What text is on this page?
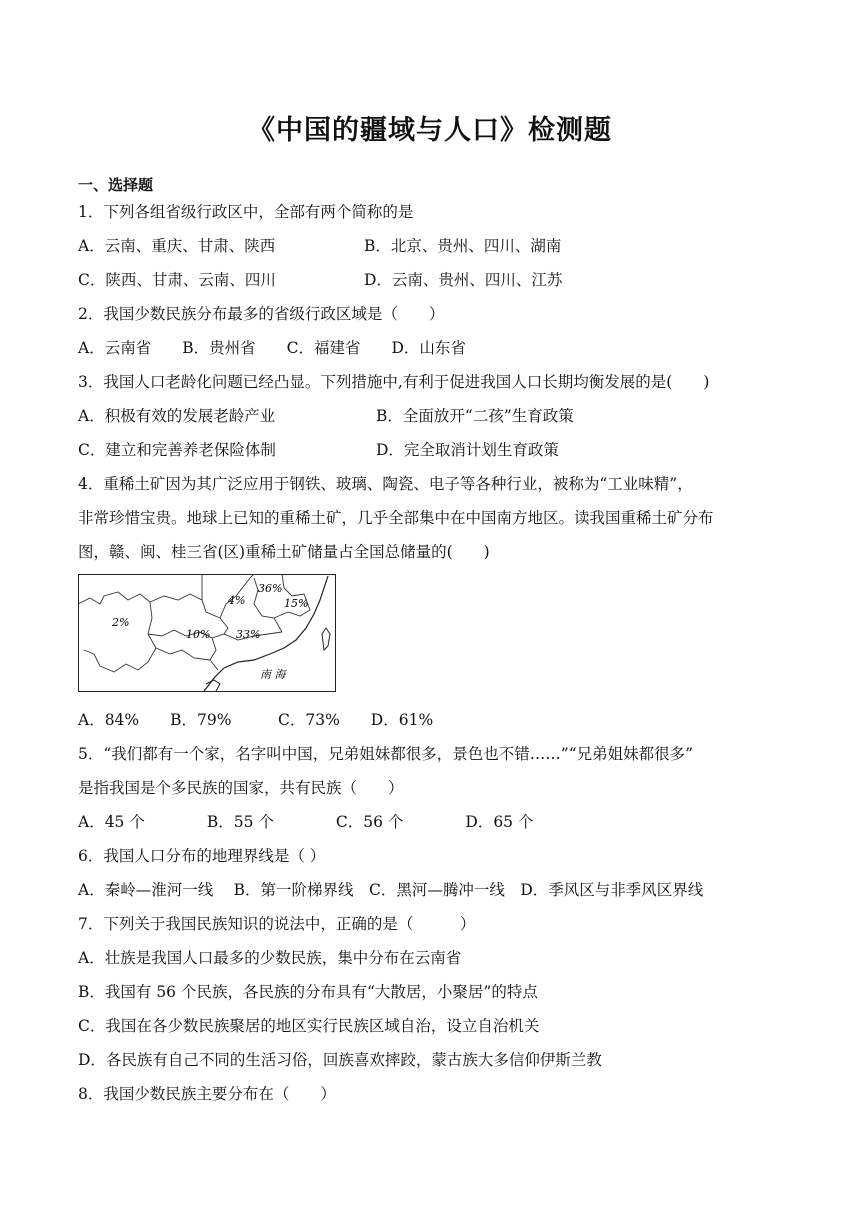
《中国的疆域与人口》检测题
一、选择题
1．下列各组省级行政区中，全部有两个简称的是
A．云南、重庆、甘肃、陕西	B．北京、贵州、四川、湖南
C．陕西、甘肃、云南、四川	D．云南、贵州、四川、江苏
2．我国少数民族分布最多的省级行政区域是（　　）
A．云南省　　B．贵州省　　C．福建省　　D．山东省
3．我国人口老龄化问题已经凸显。下列措施中,有利于促进我国人口长期均衡发展的是(　　)
A．积极有效的发展老龄产业	B．全面放开“二孩”生育政策
C．建立和完善养老保险体制	D．完全取消计划生育政策
4．重稀土矿因为其广泛应用于钢铁、玻璃、陶瓷、电子等各种行业，被称为“工业味精”，
非常珍惜宝贵。地球上已知的重稀土矿，几乎全部集中在中国南方地区。读我国重稀土矿分布
图，赣、闽、桂三省(区)重稀土矿储量占全国总储量的(　　)
4%
36%
15%
2%
10% 33%
南 海
A．84%　　B．79%　　　C．73%　　D．61%
5．“我们都有一个家，名字叫中国，兄弟姐妹都很多，景色也不错……”“兄弟姐妹都很多”
是指我国是个多民族的国家，共有民族（　　）
A．45 个　　　　B．55 个　　　　C．56 个　　　　D．65 个
6．我国人口分布的地理界线是（ ）
A．秦岭—淮河一线　 B．第一阶梯界线　C．黑河—腾冲一线　D．季风区与非季风区界线
7．下列关于我国民族知识的说法中，正确的是（　　　）
A．壮族是我国人口最多的少数民族，集中分布在云南省
B．我国有 56 个民族，各民族的分布具有“大散居，小聚居”的特点
C．我国在各少数民族聚居的地区实行民族区域自治，设立自治机关
D．各民族有自己不同的生活习俗，回族喜欢摔跤，蒙古族大多信仰伊斯兰教
8．我国少数民族主要分布在（　　）
